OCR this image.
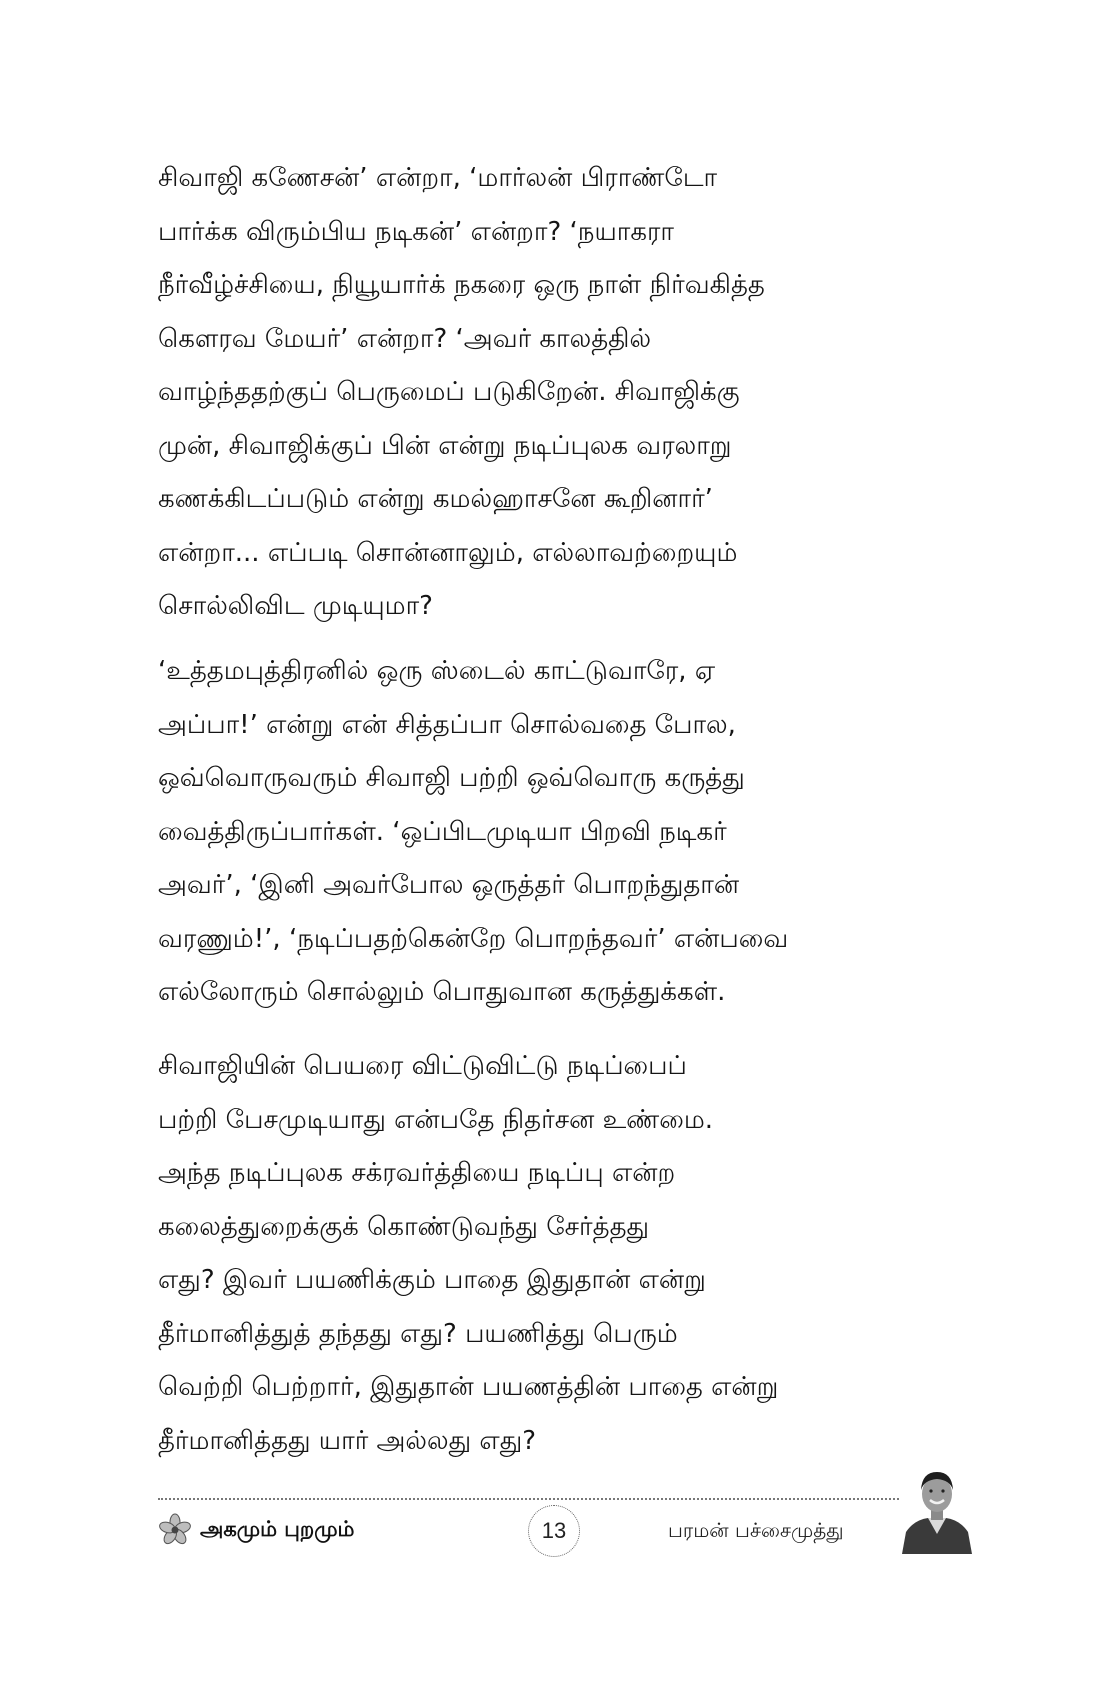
சிவாஜி கணேசன்’ என்றா, ‘மார்லன் பிராண்டோ
பார்க்க விரும்பிய நடிகன்’ என்றா? ‘நயாகரா
நீர்வீழ்ச்சியை, நியூயார்க் நகரை ஒரு நாள் நிர்வகித்த
கௌரவ மேயர்’ என்றா? ‘அவர் காலத்தில்
வாழ்ந்ததற்குப் பெருமைப் படுகிறேன். சிவாஜிக்கு
முன், சிவாஜிக்குப் பின் என்று நடிப்புலக வரலாறு
கணக்கிடப்படும் என்று கமல்ஹாசனே கூறினார்’
என்றா... எப்படி சொன்னாலும், எல்லாவற்றையும்
சொல்லிவிட முடியுமா?
‘உத்தமபுத்திரனில் ஒரு ஸ்டைல் காட்டுவாரே, ஏ
அப்பா!’ என்று என் சித்தப்பா சொல்வதை போல,
ஒவ்வொருவரும் சிவாஜி பற்றி ஒவ்வொரு கருத்து
வைத்திருப்பார்கள். ‘ஒப்பிடமுடியா பிறவி நடிகர்
அவர்’, ‘இனி அவர்போல ஒருத்தர் பொறந்துதான்
வரணும்!’, ‘நடிப்பதற்கென்றே பொறந்தவர்’ என்பவை
எல்லோரும் சொல்லும் பொதுவான கருத்துக்கள்.
சிவாஜியின் பெயரை விட்டுவிட்டு நடிப்பைப்
பற்றி பேசமுடியாது என்பதே நிதர்சன உண்மை.
அந்த நடிப்புலக சக்ரவர்த்தியை நடிப்பு என்ற
கலைத்துறைக்குக் கொண்டுவந்து சேர்த்தது
எது? இவர் பயணிக்கும் பாதை இதுதான் என்று
தீர்மானித்துத் தந்தது எது? பயணித்து பெரும்
வெற்றி பெற்றார், இதுதான் பயணத்தின் பாதை என்று
தீர்மானித்தது யார் அல்லது எது?
அகமும் புறமும்	13	பரமன் பச்சைமுத்து
